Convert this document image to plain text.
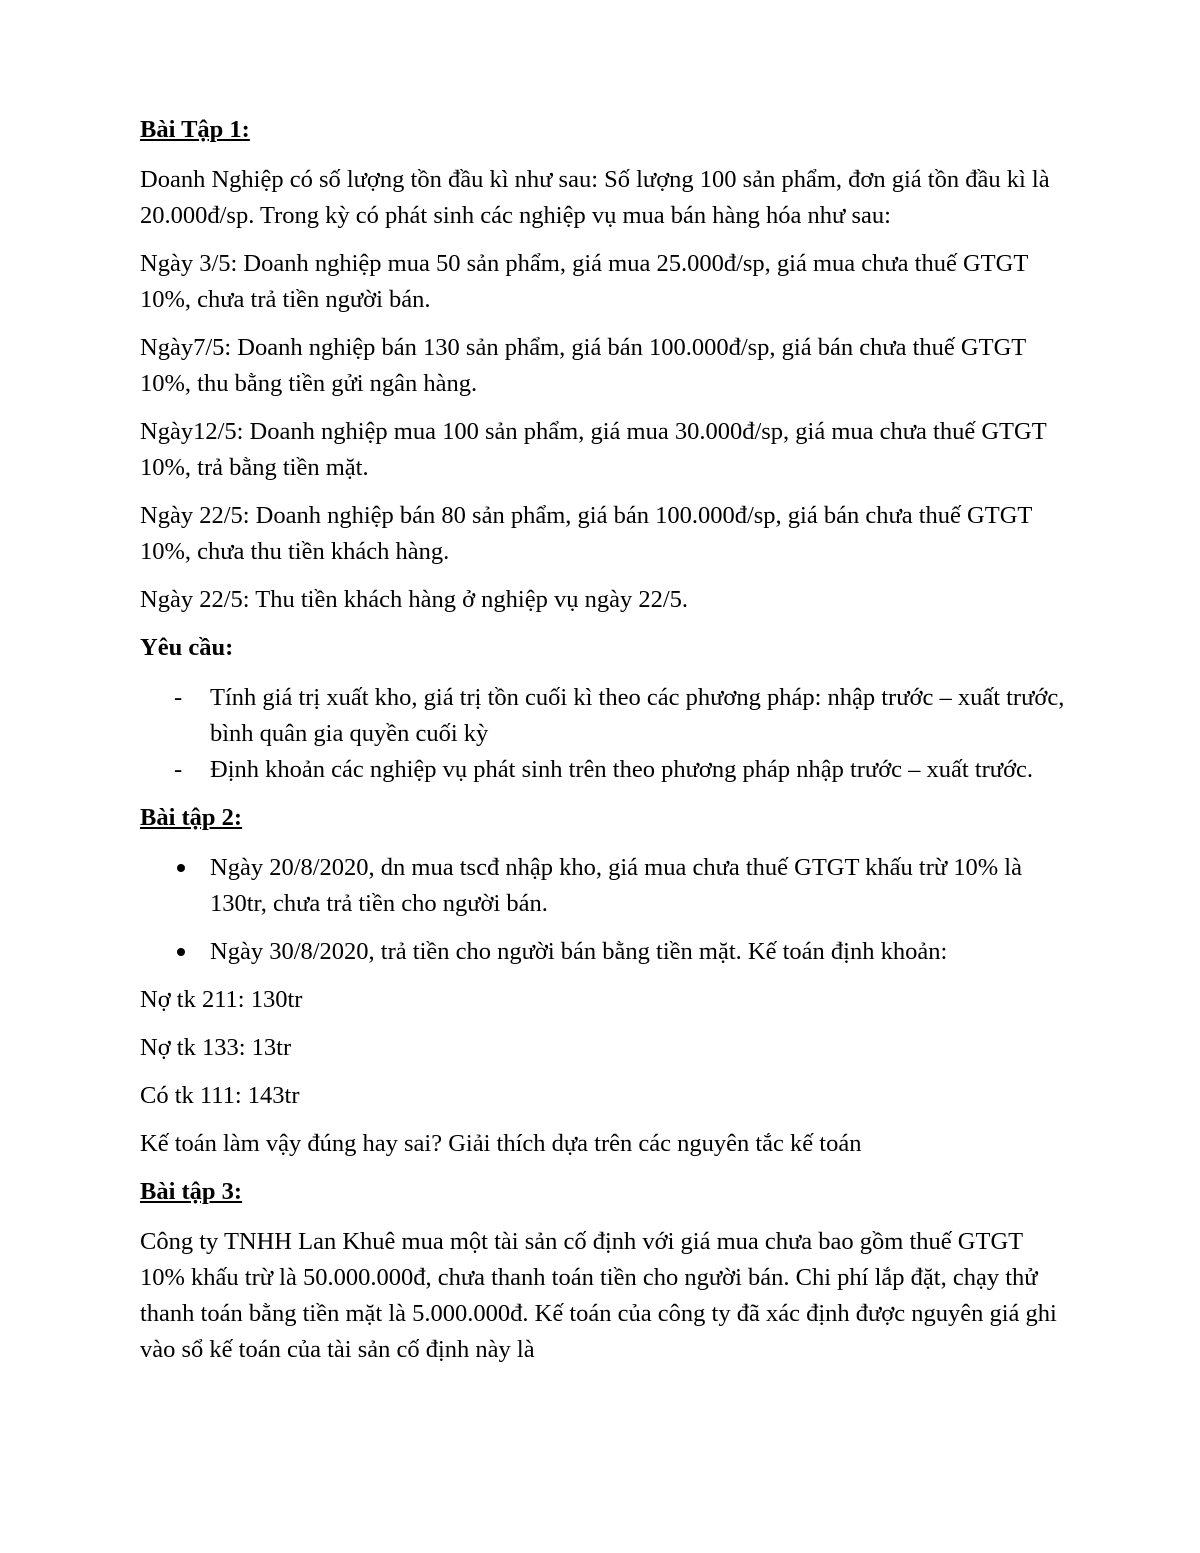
Bài Tập 1:

Doanh Nghiệp có số lượng tồn đầu kì như sau: Số lượng 100 sản phẩm, đơn giá tồn đầu kì là 20.000đ/sp. Trong kỳ có phát sinh các nghiệp vụ mua bán hàng hóa như sau:

Ngày 3/5: Doanh nghiệp mua 50 sản phẩm, giá mua 25.000đ/sp, giá mua chưa thuế GTGT 10%, chưa trả tiền người bán.

Ngày7/5: Doanh nghiệp bán 130 sản phẩm, giá bán 100.000đ/sp, giá bán chưa thuế GTGT 10%, thu bằng tiền gửi ngân hàng.

Ngày12/5: Doanh nghiệp mua 100 sản phẩm, giá mua 30.000đ/sp, giá mua chưa thuế GTGT 10%, trả bằng tiền mặt.

Ngày 22/5: Doanh nghiệp bán 80 sản phẩm, giá bán 100.000đ/sp, giá bán chưa thuế GTGT 10%, chưa thu tiền khách hàng.

Ngày 22/5: Thu tiền khách hàng ở nghiệp vụ ngày 22/5.

Yêu cầu:
- Tính giá trị xuất kho, giá trị tồn cuối kì theo các phương pháp: nhập trước – xuất trước, bình quân gia quyền cuối kỳ
- Định khoản các nghiệp vụ phát sinh trên theo phương pháp nhập trước – xuất trước.
Bài tập 2:
Ngày 20/8/2020, dn mua tscđ nhập kho, giá mua chưa thuế GTGT khấu trừ 10% là 130tr, chưa trả tiền cho người bán.
Ngày 30/8/2020, trả tiền cho người bán bằng tiền mặt. Kế toán định khoản:

Nợ tk 211: 130tr

Nợ tk 133: 13tr

Có tk 111: 143tr

Kế toán làm vậy đúng hay sai? Giải thích dựa trên các nguyên tắc kế toán

Bài tập 3:

Công ty TNHH Lan Khuê mua một tài sản cố định với giá mua chưa bao gồm thuế GTGT 10% khấu trừ là 50.000.000đ, chưa thanh toán tiền cho người bán. Chi phí lắp đặt, chạy thử thanh toán bằng tiền mặt là 5.000.000đ. Kế toán của công ty đã xác định được nguyên giá ghi vào sổ kế toán của tài sản cố định này là
